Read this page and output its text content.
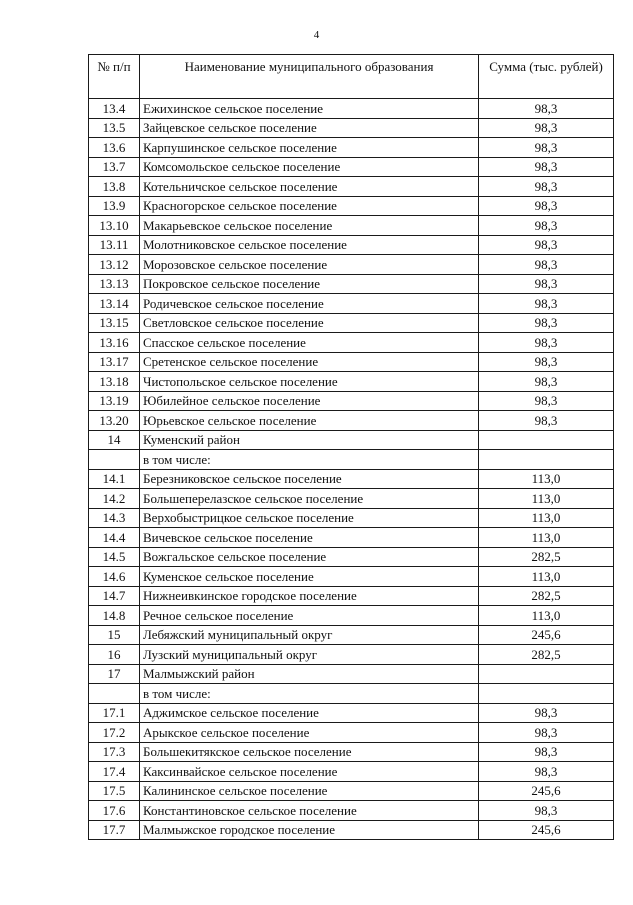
4
№ п/п	Наименование муниципального образования	Сумма (тыс. рублей)
13.4	Ежихинское сельское поселение	98,3
13.5	Зайцевское сельское поселение	98,3
13.6	Карпушинское сельское поселение	98,3
13.7	Комсомольское сельское поселение	98,3
13.8	Котельничское сельское поселение	98,3
13.9	Красногорское сельское поселение	98,3
13.10	Макарьевское сельское поселение	98,3
13.11	Молотниковское сельское поселение	98,3
13.12	Морозовское сельское поселение	98,3
13.13	Покровское сельское поселение	98,3
13.14	Родичевское сельское поселение	98,3
13.15	Светловское сельское поселение	98,3
13.16	Спасское сельское поселение	98,3
13.17	Сретенское сельское поселение	98,3
13.18	Чистопольское сельское поселение	98,3
13.19	Юбилейное сельское поселение	98,3
13.20	Юрьевское сельское поселение	98,3
14	Куменский район	
	в том числе:	
14.1	Березниковское сельское поселение	113,0
14.2	Большеперелазское сельское поселение	113,0
14.3	Верхобыстрицкое сельское поселение	113,0
14.4	Вичевское сельское поселение	113,0
14.5	Вожгальское сельское поселение	282,5
14.6	Куменское сельское поселение	113,0
14.7	Нижнеивкинское городское поселение	282,5
14.8	Речное сельское поселение	113,0
15	Лебяжский муниципальный округ	245,6
16	Лузский муниципальный округ	282,5
17	Малмыжский район	
	в том числе:	
17.1	Аджимское сельское поселение	98,3
17.2	Арыкское сельское поселение	98,3
17.3	Большекитякское сельское поселение	98,3
17.4	Каксинвайское сельское поселение	98,3
17.5	Калининское сельское поселение	245,6
17.6	Константиновское сельское поселение	98,3
17.7	Малмыжское городское поселение	245,6
